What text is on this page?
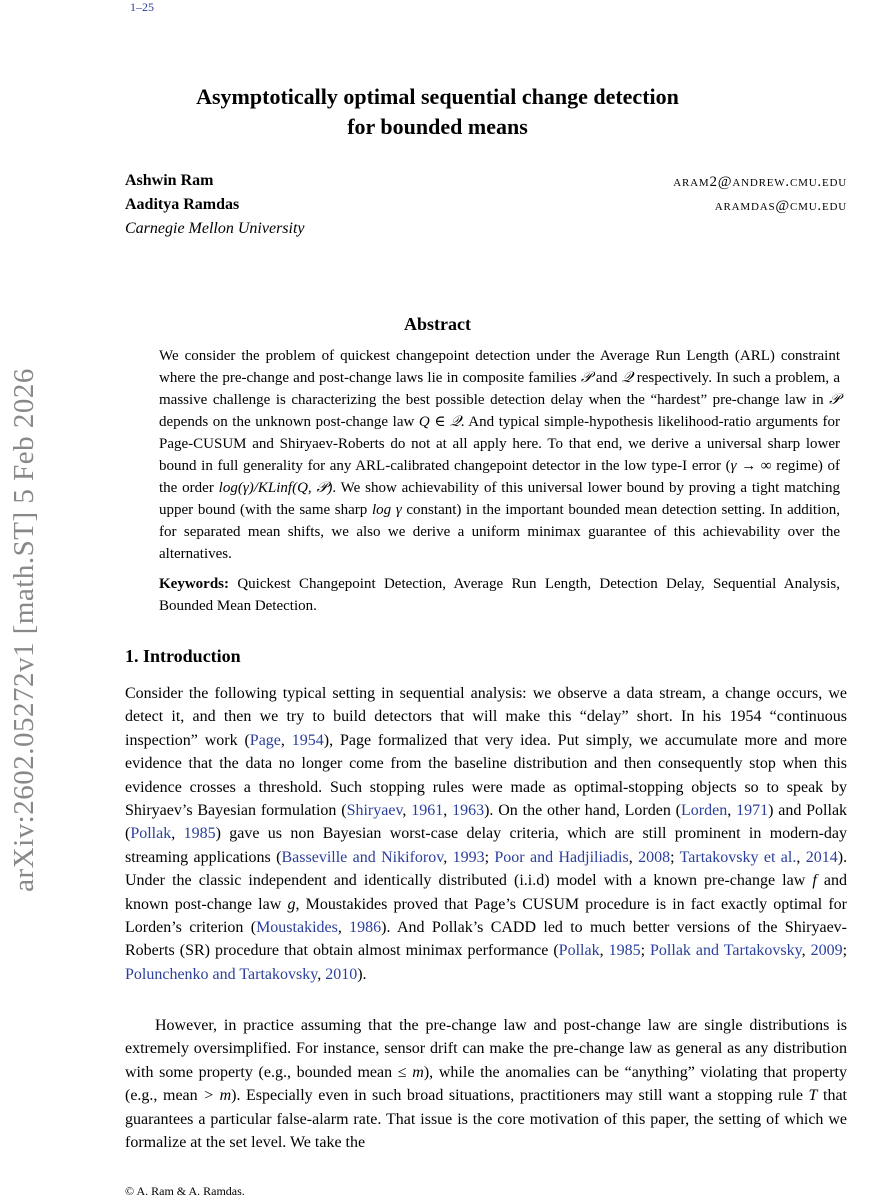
1–25
arXiv:2602.05272v1 [math.ST] 5 Feb 2026
Asymptotically optimal sequential change detection
for bounded means
Ashwin Ram	aram2@andrew.cmu.edu
Aaditya Ramdas	aramdas@cmu.edu
Carnegie Mellon University
Abstract
We consider the problem of quickest changepoint detection under the Average Run Length (ARL) constraint where the pre-change and post-change laws lie in composite families 𝒫 and 𝒬 respectively. In such a problem, a massive challenge is characterizing the best possible detection delay when the “hardest” pre-change law in 𝒫 depends on the unknown post-change law Q ∈ 𝒬. And typical simple-hypothesis likelihood-ratio arguments for Page-CUSUM and Shiryaev-Roberts do not at all apply here. To that end, we derive a universal sharp lower bound in full generality for any ARL-calibrated changepoint detector in the low type-I error (γ → ∞ regime) of the order log(γ)/KLinf(Q, 𝒫). We show achievability of this universal lower bound by proving a tight matching upper bound (with the same sharp log γ constant) in the important bounded mean detection setting. In addition, for separated mean shifts, we also we derive a uniform minimax guarantee of this achievability over the alternatives.
Keywords: Quickest Changepoint Detection, Average Run Length, Detection Delay, Sequential Analysis, Bounded Mean Detection.
1. Introduction
Consider the following typical setting in sequential analysis: we observe a data stream, a change occurs, we detect it, and then we try to build detectors that will make this “delay” short. In his 1954 “continuous inspection” work (Page, 1954), Page formalized that very idea. Put simply, we accumulate more and more evidence that the data no longer come from the baseline distribution and then consequently stop when this evidence crosses a threshold. Such stopping rules were made as optimal-stopping objects so to speak by Shiryaev’s Bayesian formulation (Shiryaev, 1961, 1963). On the other hand, Lorden (Lorden, 1971) and Pollak (Pollak, 1985) gave us non Bayesian worst-case delay criteria, which are still prominent in modern-day streaming applications (Basseville and Nikiforov, 1993; Poor and Hadjiliadis, 2008; Tartakovsky et al., 2014). Under the classic independent and identically distributed (i.i.d) model with a known pre-change law f and known post-change law g, Moustakides proved that Page’s CUSUM procedure is in fact exactly optimal for Lorden’s criterion (Moustakides, 1986). And Pollak’s CADD led to much better versions of the Shiryaev-Roberts (SR) procedure that obtain almost minimax performance (Pollak, 1985; Pollak and Tartakovsky, 2009; Polunchenko and Tartakovsky, 2010).
However, in practice assuming that the pre-change law and post-change law are single distributions is extremely oversimplified. For instance, sensor drift can make the pre-change law as general as any distribution with some property (e.g., bounded mean ≤ m), while the anomalies can be “anything” violating that property (e.g., mean > m). Especially even in such broad situations, practitioners may still want a stopping rule T that guarantees a particular false-alarm rate. That issue is the core motivation of this paper, the setting of which we formalize at the set level. We take the
© A. Ram & A. Ramdas.
